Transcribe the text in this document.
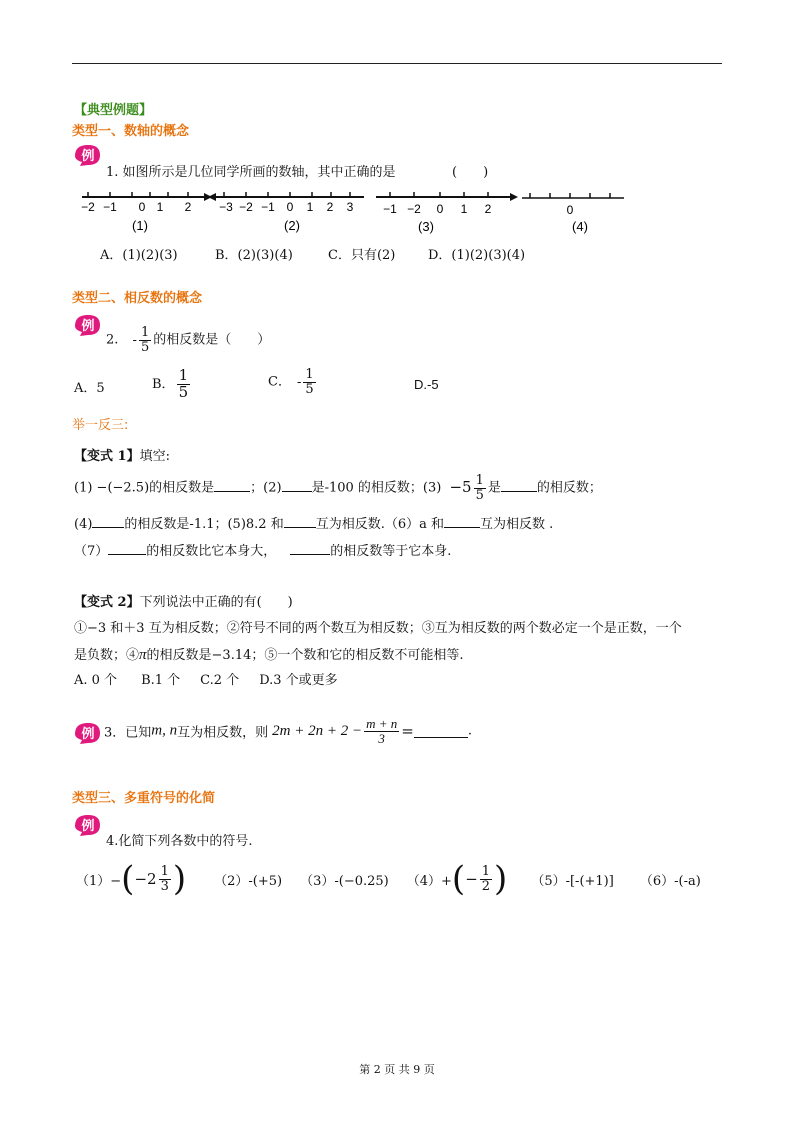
【典型例题】
类型一、数轴的概念
例
1. 如图所示是几位同学所画的数轴，其中正确的是	(　　)
−2 −1 0 1 2
(1)
−3 −2 −1 0 1 2 3
(2)
−1 −2 0 1 2
(3)
0
(4)
A．(1)(2)(3)	B．(2)(3)(4)	C．只有(2)	D．(1)(2)(3)(4)
类型二、相反数的概念
例
2. - $\frac{1}{5}$ 的相反数是（　　）
A．5	B． $\frac{1}{5}$	C． - $\frac{1}{5}$	D.-5
举一反三:
【变式 1】填空:
(1) −(−2.5)的相反数是	；(2) 是-100 的相反数；$(3) -5 \frac{1}{5}$ 是	的相反数；
(4) 的相反数是-1.1；(5)8.2 和 互为相反数.（6）a 和	互为相反数 .
（7）	的相反数比它本身大，	的相反数等于它本身.
【变式 2】下列说法中正确的有(　　)
①−3 和＋3 互为相反数；②符号不同的两个数互为相反数；③互为相反数的两个数必定一个是正数，一个
是负数；④π的相反数是−3.14；⑤一个数和它的相反数不可能相等.
A. 0 个 B.1 个 C.2 个 D.3 个或更多
例 3．已知m, n互为相反数，则 $2m + 2n + 2 - \frac{m + n}{3}$ =	.
类型三、多重符号的化简
例
4.化简下列各数中的符号.
（1）− ( $-2 \frac{1}{3}$ ) （2）-(+5) （3）-(−0.25) （4）+ ( − $\frac{1}{2}$ ) （5）-[-(+1)] （6）-(-a)
第 2 页 共 9 页
